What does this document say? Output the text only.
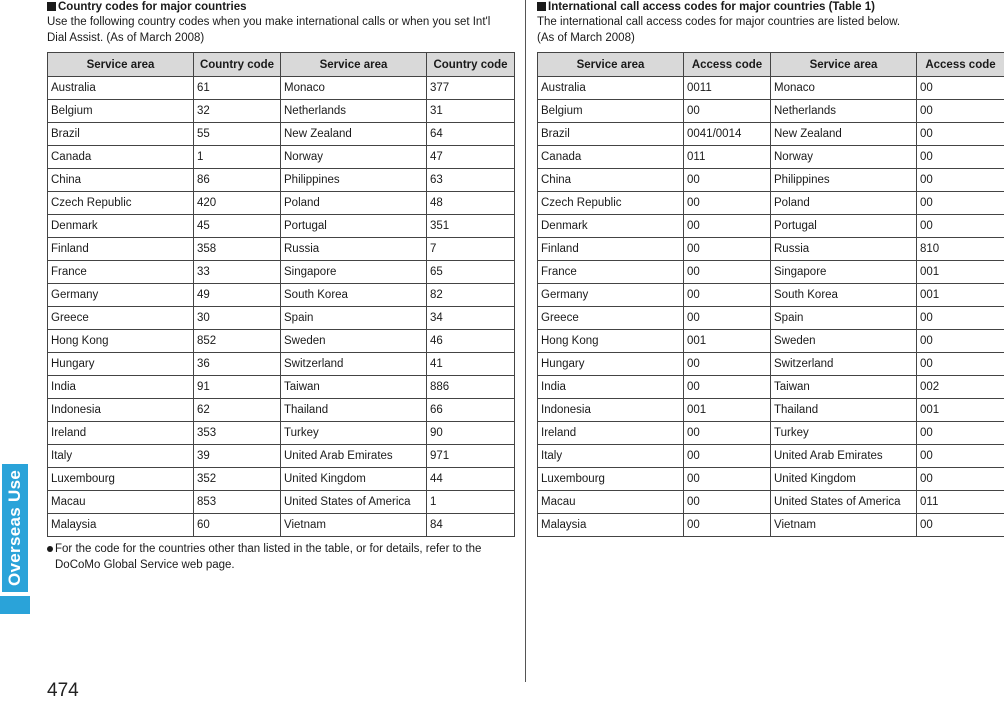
Overseas Use
474
Country codes for major countries
Use the following country codes when you make international calls or when you set Int'l
Dial Assist. (As of March 2008)
Service area	Country code	Service area	Country code
Australia	61	Monaco	377
Belgium	32	Netherlands	31
Brazil	55	New Zealand	64
Canada	1	Norway	47
China	86	Philippines	63
Czech Republic	420	Poland	48
Denmark	45	Portugal	351
Finland	358	Russia	7
France	33	Singapore	65
Germany	49	South Korea	82
Greece	30	Spain	34
Hong Kong	852	Sweden	46
Hungary	36	Switzerland	41
India	91	Taiwan	886
Indonesia	62	Thailand	66
Ireland	353	Turkey	90
Italy	39	United Arab Emirates	971
Luxembourg	352	United Kingdom	44
Macau	853	United States of America	1
Malaysia	60	Vietnam	84
For the code for the countries other than listed in the table, or for details, refer to the
DoCoMo Global Service web page.
International call access codes for major countries (Table 1)
The international call access codes for major countries are listed below.
(As of March 2008)
Service area	Access code	Service area	Access code
Australia	0011	Monaco	00
Belgium	00	Netherlands	00
Brazil	0041/0014	New Zealand	00
Canada	011	Norway	00
China	00	Philippines	00
Czech Republic	00	Poland	00
Denmark	00	Portugal	00
Finland	00	Russia	810
France	00	Singapore	001
Germany	00	South Korea	001
Greece	00	Spain	00
Hong Kong	001	Sweden	00
Hungary	00	Switzerland	00
India	00	Taiwan	002
Indonesia	001	Thailand	001
Ireland	00	Turkey	00
Italy	00	United Arab Emirates	00
Luxembourg	00	United Kingdom	00
Macau	00	United States of America	011
Malaysia	00	Vietnam	00
